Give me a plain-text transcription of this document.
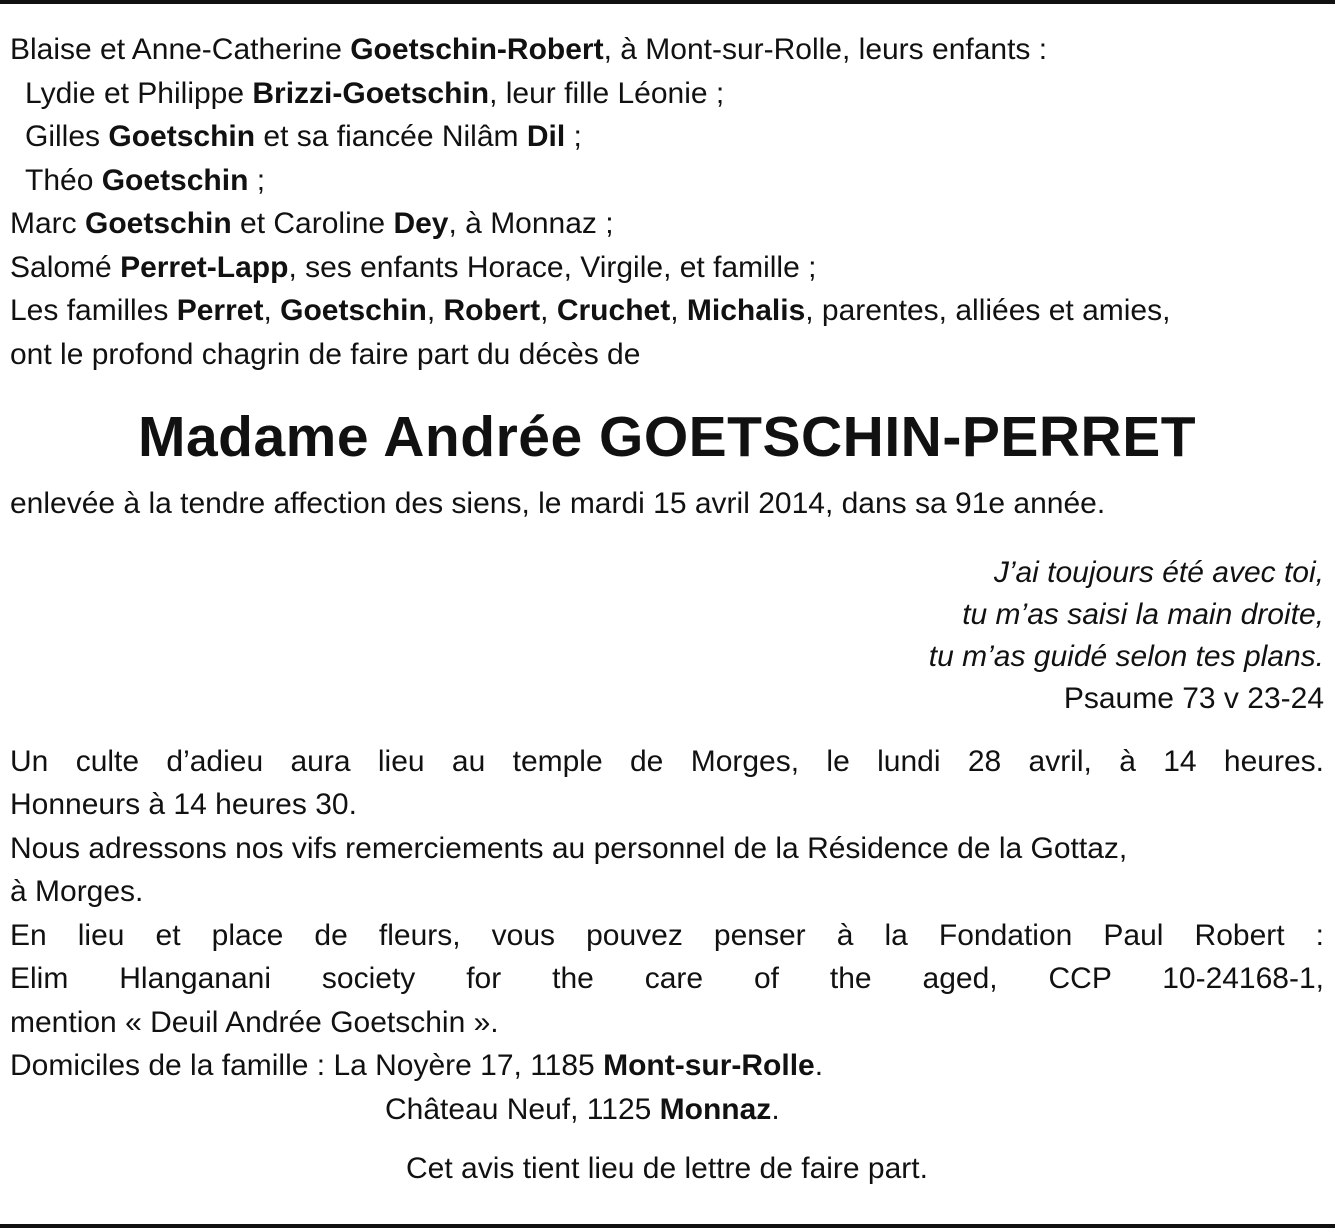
Blaise et Anne-Catherine Goetschin-Robert, à Mont-sur-Rolle, leurs enfants :
Lydie et Philippe Brizzi-Goetschin, leur fille Léonie ;
Gilles Goetschin et sa fiancée Nilâm Dil ;
Théo Goetschin ;
Marc Goetschin et Caroline Dey, à Monnaz ;
Salomé Perret-Lapp, ses enfants Horace, Virgile, et famille ;
Les familles Perret, Goetschin, Robert, Cruchet, Michalis, parentes, alliées et amies,
ont le profond chagrin de faire part du décès de
Madame Andrée GOETSCHIN-PERRET
enlevée à la tendre affection des siens, le mardi 15 avril 2014, dans sa 91e année.
J’ai toujours été avec toi,
tu m’as saisi la main droite,
tu m’as guidé selon tes plans.
Psaume 73 v 23-24
Un culte d’adieu aura lieu au temple de Morges, le lundi 28 avril, à 14 heures.
Honneurs à 14 heures 30.
Nous adressons nos vifs remerciements au personnel de la Résidence de la Gottaz,
à Morges.
En lieu et place de fleurs, vous pouvez penser à la Fondation Paul Robert :
Elim Hlanganani society for the care of the aged, CCP 10-24168-1,
mention « Deuil Andrée Goetschin ».
Domiciles de la famille : La Noyère 17, 1185 Mont-sur-Rolle.
Château Neuf, 1125 Monnaz.
Cet avis tient lieu de lettre de faire part.
